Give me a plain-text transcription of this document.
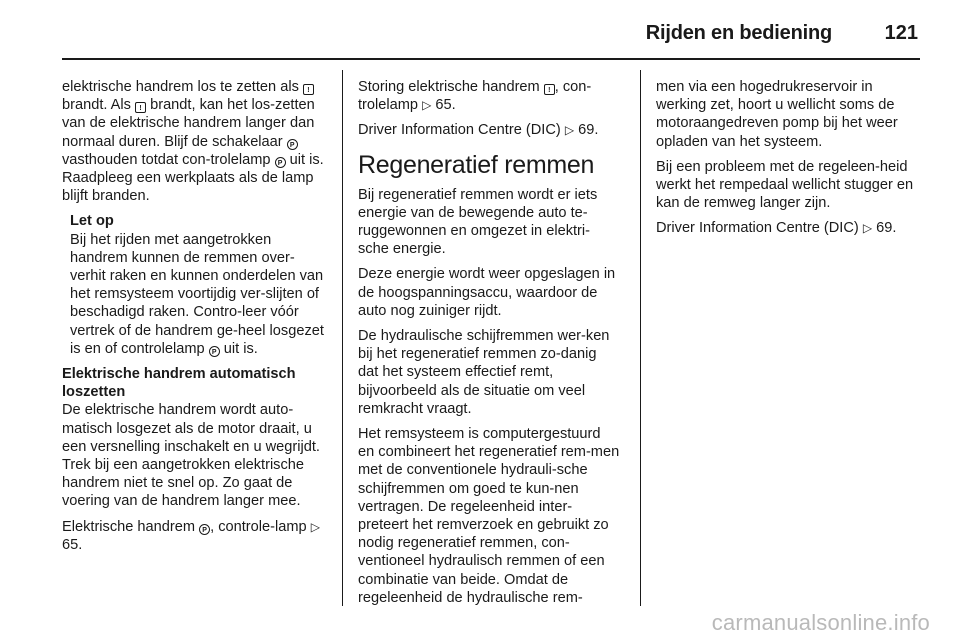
Rijden en bediening	121

elektrische handrem los te zetten als ! brandt. Als ! brandt, kan het los-zetten van de elektrische handrem langer dan normaal duren. Blijf de schakelaar P vasthouden totdat con-trolelamp P uit is. Raadpleeg een werkplaats als de lamp blijft branden.

Let op

Bij het rijden met aangetrokken handrem kunnen de remmen over-verhit raken en kunnen onderdelen van het remsysteem voortijdig ver-slijten of beschadigd raken. Contro-leer vóór vertrek of de handrem ge-heel losgezet is en of controlelamp P uit is.

Elektrische handrem automatisch loszetten

De elektrische handrem wordt auto-matisch losgezet als de motor draait, u een versnelling inschakelt en u wegrijdt. Trek bij een aangetrokken elektrische handrem niet te snel op. Zo gaat de voering van de handrem langer mee.

Elektrische handrem P , controle-lamp ▷ 65.

Storing elektrische handrem ! , con-trolelamp ▷ 65.

Driver Information Centre (DIC) ▷ 69.

Regeneratief remmen

Bij regeneratief remmen wordt er iets energie van de bewegende auto te-ruggewonnen en omgezet in elektri-sche energie.

Deze energie wordt weer opgeslagen in de hoogspanningsaccu, waardoor de auto nog zuiniger rijdt.

De hydraulische schijfremmen wer-ken bij het regeneratief remmen zo-danig dat het systeem effectief remt, bijvoorbeeld als de situatie om veel remkracht vraagt.

Het remsysteem is computergestuurd en combineert het regeneratief rem-men met de conventionele hydrauli-sche schijfremmen om goed te kun-nen vertragen. De regeleenheid inter-preteert het remverzoek en gebruikt zo nodig regeneratief remmen, con-ventioneel hydraulisch remmen of een combinatie van beide. Omdat de regeleenheid de hydraulische rem-

men via een hogedrukreservoir in werking zet, hoort u wellicht soms de motoraangedreven pomp bij het weer opladen van het systeem.

Bij een probleem met de regeleen-heid werkt het rempedaal wellicht stugger en kan de remweg langer zijn.

Driver Information Centre (DIC) ▷ 69.

carmanualsonline.info
